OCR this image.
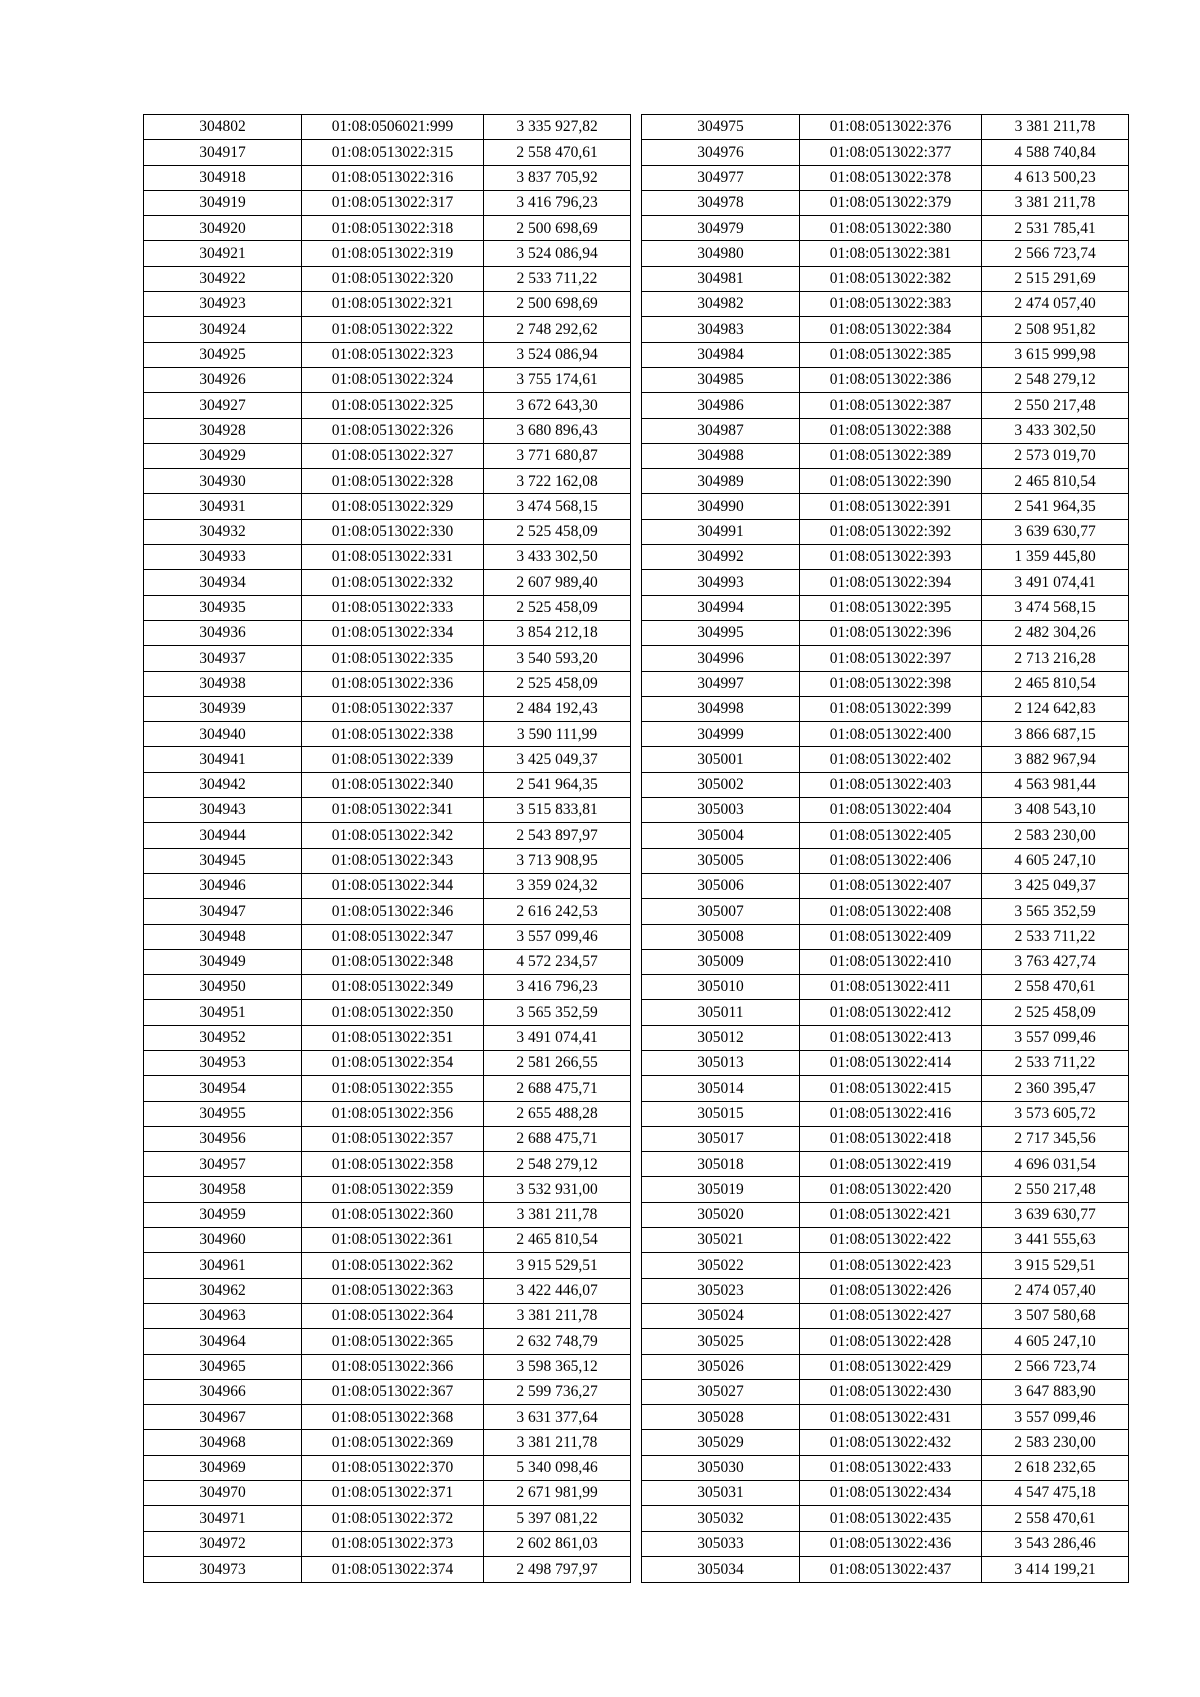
304802	01:08:0506021:999	3 335 927,82
304917	01:08:0513022:315	2 558 470,61
304918	01:08:0513022:316	3 837 705,92
304919	01:08:0513022:317	3 416 796,23
304920	01:08:0513022:318	2 500 698,69
304921	01:08:0513022:319	3 524 086,94
304922	01:08:0513022:320	2 533 711,22
304923	01:08:0513022:321	2 500 698,69
304924	01:08:0513022:322	2 748 292,62
304925	01:08:0513022:323	3 524 086,94
304926	01:08:0513022:324	3 755 174,61
304927	01:08:0513022:325	3 672 643,30
304928	01:08:0513022:326	3 680 896,43
304929	01:08:0513022:327	3 771 680,87
304930	01:08:0513022:328	3 722 162,08
304931	01:08:0513022:329	3 474 568,15
304932	01:08:0513022:330	2 525 458,09
304933	01:08:0513022:331	3 433 302,50
304934	01:08:0513022:332	2 607 989,40
304935	01:08:0513022:333	2 525 458,09
304936	01:08:0513022:334	3 854 212,18
304937	01:08:0513022:335	3 540 593,20
304938	01:08:0513022:336	2 525 458,09
304939	01:08:0513022:337	2 484 192,43
304940	01:08:0513022:338	3 590 111,99
304941	01:08:0513022:339	3 425 049,37
304942	01:08:0513022:340	2 541 964,35
304943	01:08:0513022:341	3 515 833,81
304944	01:08:0513022:342	2 543 897,97
304945	01:08:0513022:343	3 713 908,95
304946	01:08:0513022:344	3 359 024,32
304947	01:08:0513022:346	2 616 242,53
304948	01:08:0513022:347	3 557 099,46
304949	01:08:0513022:348	4 572 234,57
304950	01:08:0513022:349	3 416 796,23
304951	01:08:0513022:350	3 565 352,59
304952	01:08:0513022:351	3 491 074,41
304953	01:08:0513022:354	2 581 266,55
304954	01:08:0513022:355	2 688 475,71
304955	01:08:0513022:356	2 655 488,28
304956	01:08:0513022:357	2 688 475,71
304957	01:08:0513022:358	2 548 279,12
304958	01:08:0513022:359	3 532 931,00
304959	01:08:0513022:360	3 381 211,78
304960	01:08:0513022:361	2 465 810,54
304961	01:08:0513022:362	3 915 529,51
304962	01:08:0513022:363	3 422 446,07
304963	01:08:0513022:364	3 381 211,78
304964	01:08:0513022:365	2 632 748,79
304965	01:08:0513022:366	3 598 365,12
304966	01:08:0513022:367	2 599 736,27
304967	01:08:0513022:368	3 631 377,64
304968	01:08:0513022:369	3 381 211,78
304969	01:08:0513022:370	5 340 098,46
304970	01:08:0513022:371	2 671 981,99
304971	01:08:0513022:372	5 397 081,22
304972	01:08:0513022:373	2 602 861,03
304973	01:08:0513022:374	2 498 797,97
304975	01:08:0513022:376	3 381 211,78
304976	01:08:0513022:377	4 588 740,84
304977	01:08:0513022:378	4 613 500,23
304978	01:08:0513022:379	3 381 211,78
304979	01:08:0513022:380	2 531 785,41
304980	01:08:0513022:381	2 566 723,74
304981	01:08:0513022:382	2 515 291,69
304982	01:08:0513022:383	2 474 057,40
304983	01:08:0513022:384	2 508 951,82
304984	01:08:0513022:385	3 615 999,98
304985	01:08:0513022:386	2 548 279,12
304986	01:08:0513022:387	2 550 217,48
304987	01:08:0513022:388	3 433 302,50
304988	01:08:0513022:389	2 573 019,70
304989	01:08:0513022:390	2 465 810,54
304990	01:08:0513022:391	2 541 964,35
304991	01:08:0513022:392	3 639 630,77
304992	01:08:0513022:393	1 359 445,80
304993	01:08:0513022:394	3 491 074,41
304994	01:08:0513022:395	3 474 568,15
304995	01:08:0513022:396	2 482 304,26
304996	01:08:0513022:397	2 713 216,28
304997	01:08:0513022:398	2 465 810,54
304998	01:08:0513022:399	2 124 642,83
304999	01:08:0513022:400	3 866 687,15
305001	01:08:0513022:402	3 882 967,94
305002	01:08:0513022:403	4 563 981,44
305003	01:08:0513022:404	3 408 543,10
305004	01:08:0513022:405	2 583 230,00
305005	01:08:0513022:406	4 605 247,10
305006	01:08:0513022:407	3 425 049,37
305007	01:08:0513022:408	3 565 352,59
305008	01:08:0513022:409	2 533 711,22
305009	01:08:0513022:410	3 763 427,74
305010	01:08:0513022:411	2 558 470,61
305011	01:08:0513022:412	2 525 458,09
305012	01:08:0513022:413	3 557 099,46
305013	01:08:0513022:414	2 533 711,22
305014	01:08:0513022:415	2 360 395,47
305015	01:08:0513022:416	3 573 605,72
305017	01:08:0513022:418	2 717 345,56
305018	01:08:0513022:419	4 696 031,54
305019	01:08:0513022:420	2 550 217,48
305020	01:08:0513022:421	3 639 630,77
305021	01:08:0513022:422	3 441 555,63
305022	01:08:0513022:423	3 915 529,51
305023	01:08:0513022:426	2 474 057,40
305024	01:08:0513022:427	3 507 580,68
305025	01:08:0513022:428	4 605 247,10
305026	01:08:0513022:429	2 566 723,74
305027	01:08:0513022:430	3 647 883,90
305028	01:08:0513022:431	3 557 099,46
305029	01:08:0513022:432	2 583 230,00
305030	01:08:0513022:433	2 618 232,65
305031	01:08:0513022:434	4 547 475,18
305032	01:08:0513022:435	2 558 470,61
305033	01:08:0513022:436	3 543 286,46
305034	01:08:0513022:437	3 414 199,21
